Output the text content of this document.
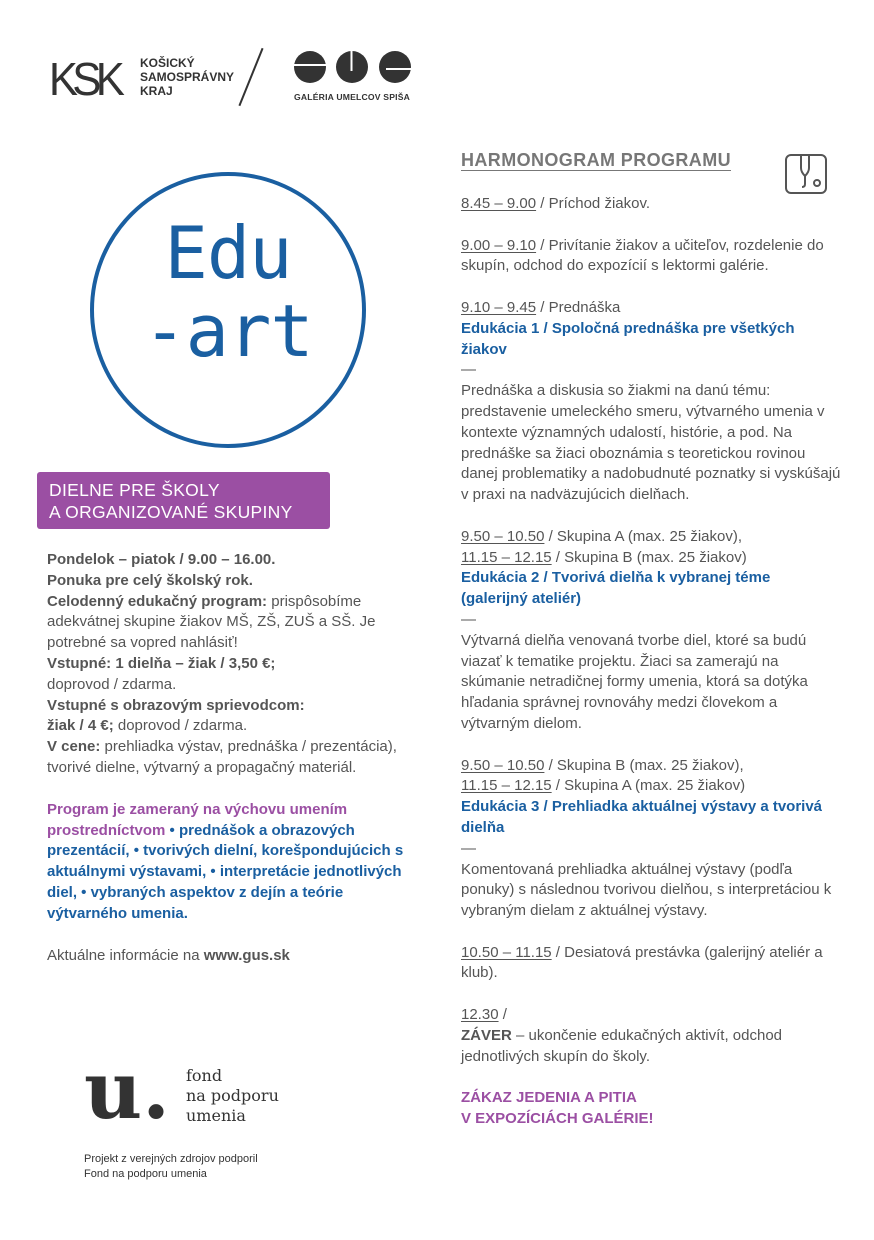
KSK KOŠICKÝ
SAMOSPRÁVNY
KRAJ	GALÉRIA UMELCOV SPIŠA
Edu
-art
DIELNE PRE ŠKOLY
A ORGANIZOVANÉ SKUPINY

Pondelok – piatok / 9.00 – 16.00.

Ponuka pre celý školský rok.

Celodenný edukačný program: prispôsobíme adekvátnej skupine žiakov MŠ, ZŠ, ZUŠ a SŠ. Je potrebné sa vopred nahlásiť!

Vstupné: 1 dielňa – žiak / 3,50 €;
doprovod / zdarma.

Vstupné s obrazovým sprievodcom:

žiak / 4 €; doprovod / zdarma.

V cene: prehliadka výstav, prednáška / prezentácia), tvorivé dielne, výtvarný a propagačný materiál.

Program je zameraný na výchovu umením prostredníctvom • prednášok a obrazových prezentácií, • tvorivých dielní, korešpondujúcich s aktuálnymi výstavami, • interpretácie jednotlivých diel, • vybraných aspektov z dejín a teórie výtvarného umenia.

Aktuálne informácie na www.gus.sk

u. fond
na podporu
umenia
Projekt z verejných zdrojov podporil
Fond na podporu umenia
HARMONOGRAM PROGRAMU

8.45 – 9.00 / Príchod žiakov.

9.00 – 9.10 / Privítanie žiakov a učiteľov, rozdelenie do skupín, odchod do expozícií s lektormi galérie.

9.10 – 9.45 / Prednáška

Edukácia 1 / Spoločná prednáška pre všetkých žiakov

—

Prednáška a diskusia so žiakmi na danú tému: predstavenie umeleckého smeru, výtvarného umenia v kontexte významných udalostí, histórie, a pod. Na prednáške sa žiaci oboznámia s teoretickou rovinou danej problematiky a nadobudnuté poznatky si vyskúšajú v praxi na nadväzujúcich dielňach.

9.50 – 10.50 / Skupina A (max. 25 žiakov),

11.15 – 12.15 / Skupina B (max. 25 žiakov)

Edukácia 2 / Tvorivá dielňa k vybranej téme (galerijný ateliér)

—

Výtvarná dielňa venovaná tvorbe diel, ktoré sa budú viazať k tematike projektu. Žiaci sa zamerajú na skúmanie netradičnej formy umenia, ktorá sa dotýka hľadania správnej rovnováhy medzi človekom a výtvarným dielom.

9.50 – 10.50 / Skupina B (max. 25 žiakov),

11.15 – 12.15 / Skupina A (max. 25 žiakov)

Edukácia 3 / Prehliadka aktuálnej výstavy a tvorivá dielňa

—

Komentovaná prehliadka aktuálnej výstavy (podľa ponuky) s následnou tvorivou dielňou, s interpretáciou k vybraným dielam z aktuálnej výstavy.

10.50 – 11.15 / Desiatová prestávka (galerijný ateliér a klub).

12.30 /

ZÁVER – ukončenie edukačných aktivít, odchod jednotlivých skupín do školy.

ZÁKAZ JEDENIA A PITIA

V EXPOZÍCIÁCH GALÉRIE!
